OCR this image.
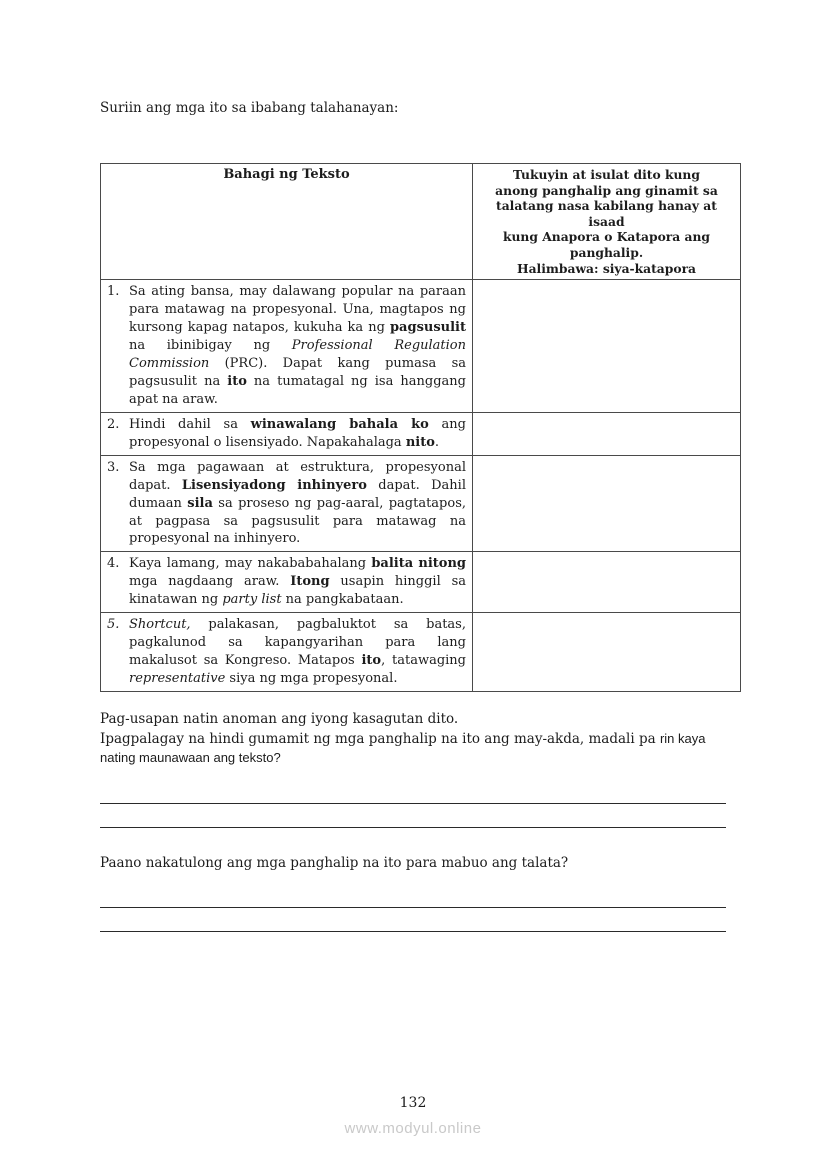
Suriin ang mga ito sa ibabang talahanayan:

Bahagi ng Teksto	Tukuyin at isulat dito kung
anong panghalip ang ginamit sa
talatang nasa kabilang hanay at
isaad
kung Anapora o Katapora ang
panghalip.
Halimbawa: siya-katapora

1. Sa ating bansa, may dalawang popular na paraan para matawag na propesyonal. Una, magtapos ng kursong kapag natapos, kukuha ka ng pagsusulit na ibinibigay ng Professional Regulation Commission (PRC). Dapat kang pumasa sa pagsusulit na ito na tumatagal ng isa hanggang apat na araw.	

2. Hindi dahil sa winawalang bahala ko ang propesyonal o lisensiyado. Napakahalaga nito.	

3. Sa mga pagawaan at estruktura, propesyonal dapat. Lisensiyadong inhinyero dapat. Dahil dumaan sila sa proseso ng pag-aaral, pagtatapos, at pagpasa sa pagsusulit para matawag na propesyonal na inhinyero.	

4. Kaya lamang, may nakababahalang balita nitong mga nagdaang araw. Itong usapin hinggil sa kinatawan ng party list na pangkabataan.	

5. Shortcut, palakasan, pagbaluktot sa batas, pagkalunod sa kapangyarihan para lang makalusot sa Kongreso. Matapos ito, tatawaging representative siya ng mga propesyonal.	

Pag-usapan natin anoman ang iyong kasagutan dito.

Ipagpalagay na hindi gumamit ng mga panghalip na ito ang may-akda, madali pa rin kaya nating maunawaan ang teksto?

Paano nakatulong ang mga panghalip na ito para mabuo ang talata?

132
www.modyul.online
